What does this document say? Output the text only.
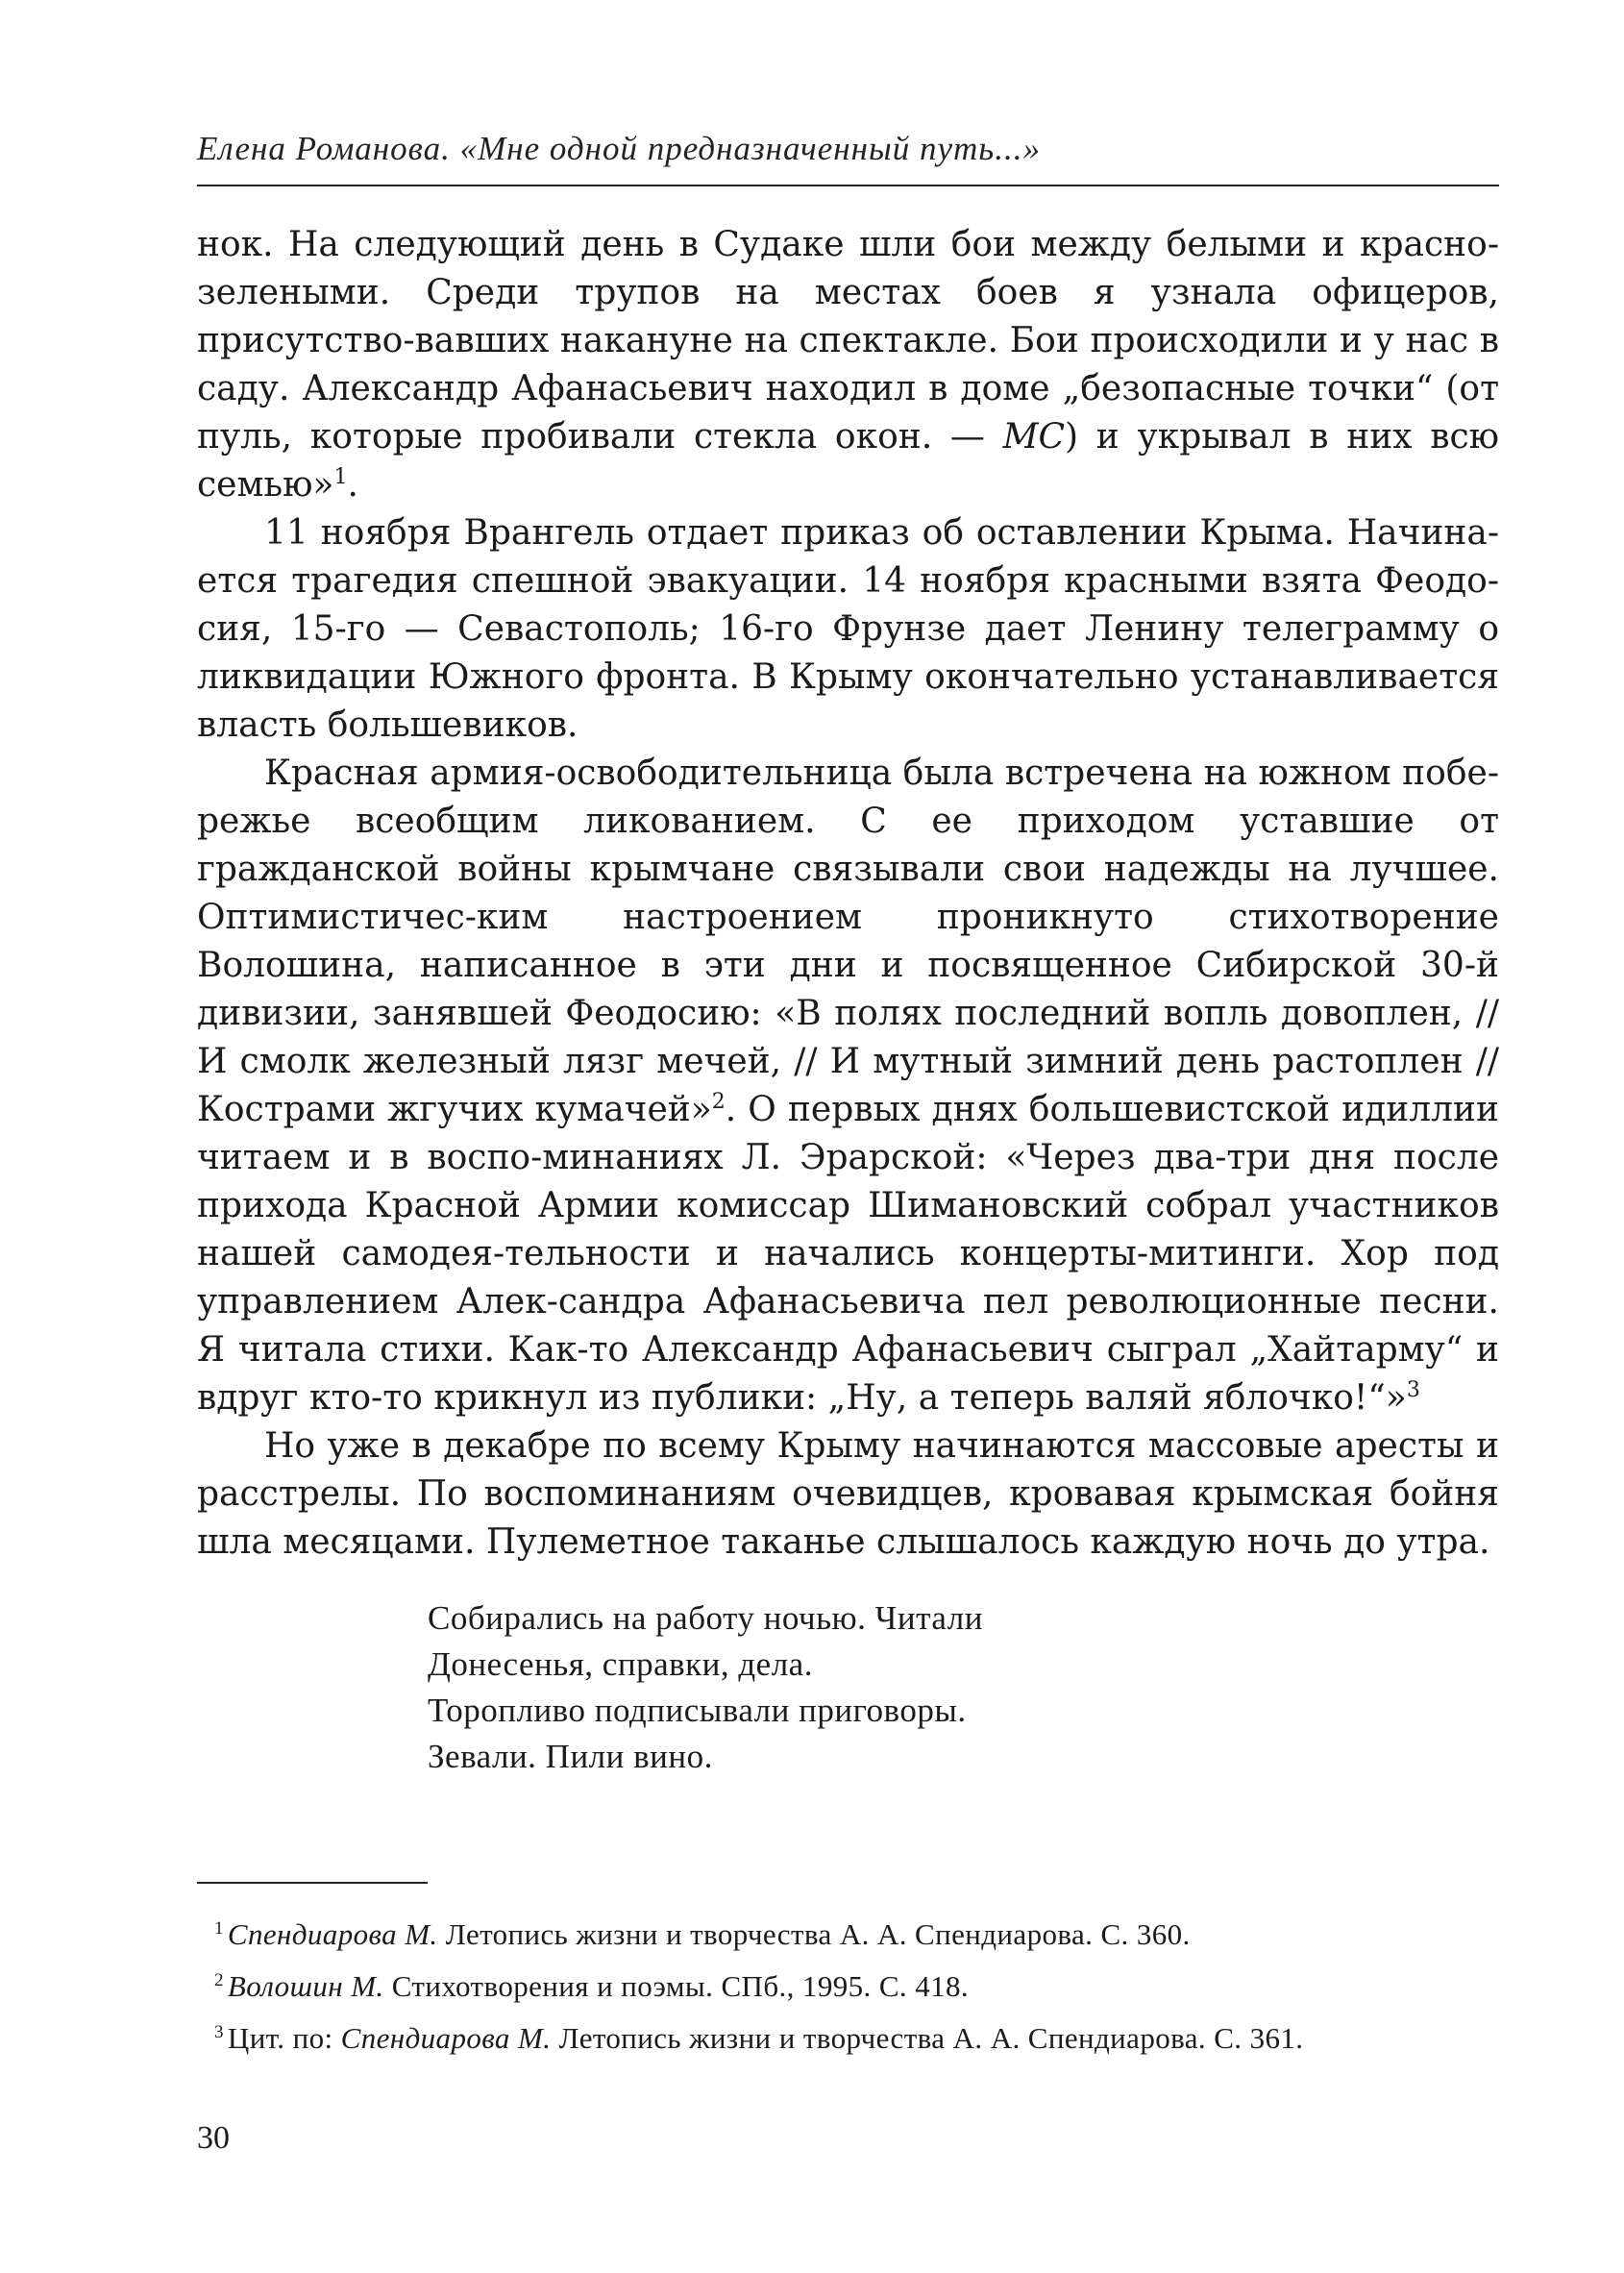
Елена Романова. «Мне одной предназначенный путь...»

нок. На следующий день в Судаке шли бои между белыми и красно-зелеными. Среди трупов на местах боев я узнала офицеров, присутство-вавших накануне на спектакле. Бои происходили и у нас в саду. Александр Афанасьевич находил в доме „безопасные точки“ (от пуль, которые пробивали стекла окон. — МС) и укрывал в них всю семью»$^1$.

11 ноября Врангель отдает приказ об оставлении Крыма. Начина-ется трагедия спешной эвакуации. 14 ноября красными взята Феодо-сия, 15-го — Севастополь; 16-го Фрунзе дает Ленину телеграмму о ликвидации Южного фронта. В Крыму окончательно устанавливается власть большевиков.

Красная армия-освободительница была встречена на южном побе-режье всеобщим ликованием. С ее приходом уставшие от гражданской войны крымчане связывали свои надежды на лучшее. Оптимистичес-ким настроением проникнуто стихотворение Волошина, написанное в эти дни и посвященное Сибирской 30-й дивизии, занявшей Феодосию: «В полях последний вопль довоплен, // И смолк железный лязг мечей, // И мутный зимний день растоплен // Кострами жгучих кумачей»$^2$. О первых днях большевистской идиллии читаем и в воспо-минаниях Л. Эрарской: «Через два-три дня после прихода Красной Армии комиссар Шимановский собрал участников нашей самодея-тельности и начались концерты-митинги. Хор под управлением Алек-сандра Афанасьевича пел революционные песни. Я читала стихи. Как-то Александр Афанасьевич сыграл „Хайтарму“ и вдруг кто-то крикнул из публики: „Ну, а теперь валяй яблочко!“»$^3$

Но уже в декабре по всему Крыму начинаются массовые аресты и расстрелы. По воспоминаниям очевидцев, кровавая крымская бойня шла месяцами. Пулеметное таканье слышалось каждую ночь до утра.

Собирались на работу ночью. Читали
Донесенья, справки, дела.
Торопливо подписывали приговоры.
Зевали. Пили вино.
$^1$ Спендиарова М. Летопись жизни и творчества А. А. Спендиарова. С. 360.
$^2$ Волошин М. Стихотворения и поэмы. СПб., 1995. С. 418.
$^3$ Цит. по: Спендиарова М. Летопись жизни и творчества А. А. Спендиарова. С. 361.
30
